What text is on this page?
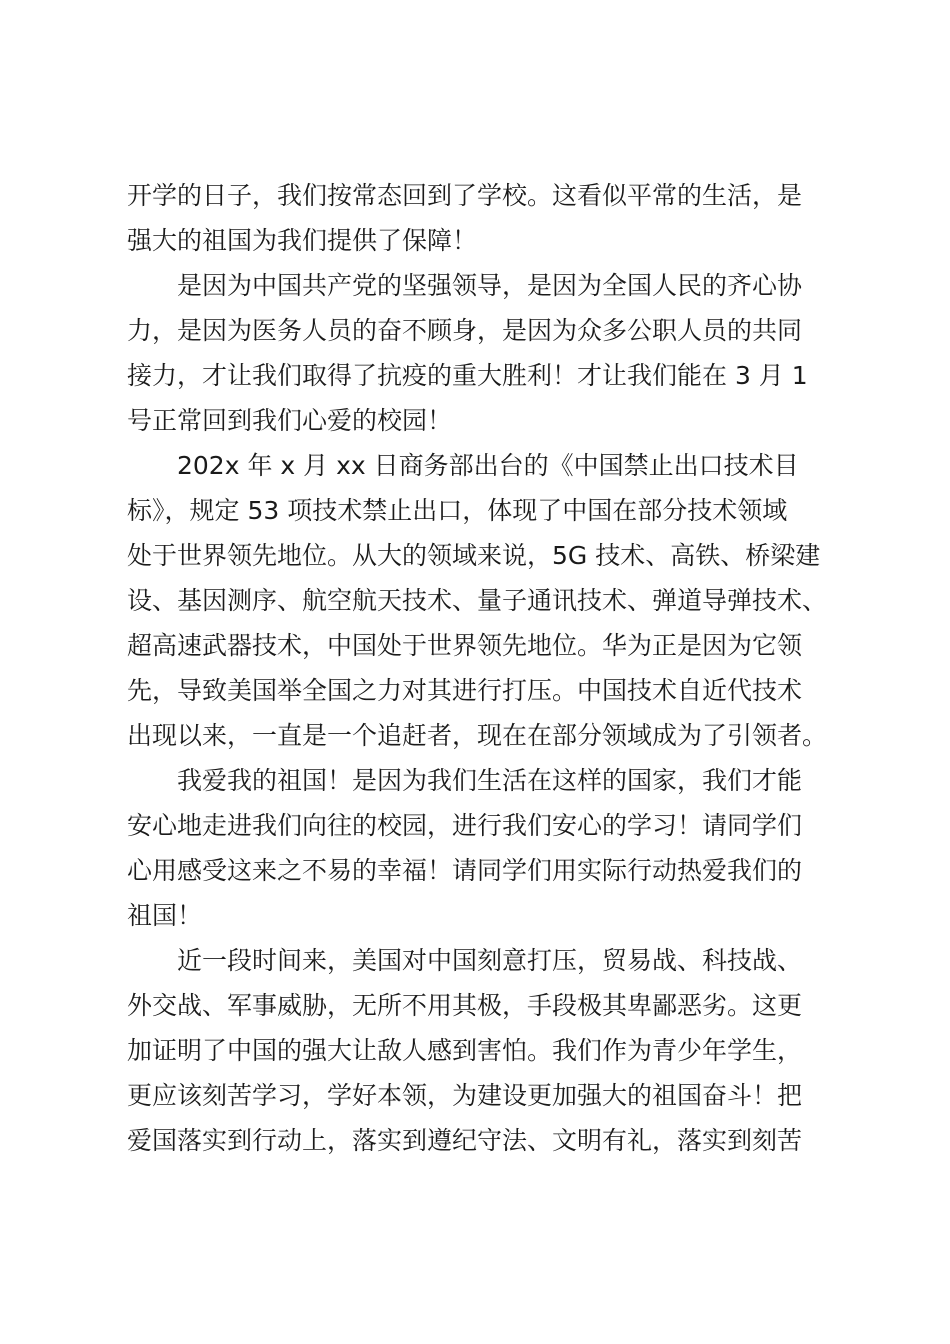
开学的日子，我们按常态回到了学校。这看似平常的生活，是
强大的祖国为我们提供了保障！
是因为中国共产党的坚强领导，是因为全国人民的齐心协
力，是因为医务人员的奋不顾身，是因为众多公职人员的共同
接力，才让我们取得了抗疫的重大胜利！才让我们能在 3 月 1
号正常回到我们心爱的校园！
202x 年 x 月 xx 日商务部出台的《中国禁止出口技术目
标》，规定 53 项技术禁止出口，体现了中国在部分技术领域
处于世界领先地位。从大的领域来说，5G 技术、高铁、桥梁建
设、基因测序、航空航天技术、量子通讯技术、弹道导弹技术、
超高速武器技术，中国处于世界领先地位。华为正是因为它领
先，导致美国举全国之力对其进行打压。中国技术自近代技术
出现以来，一直是一个追赶者，现在在部分领域成为了引领者。
我爱我的祖国！是因为我们生活在这样的国家，我们才能
安心地走进我们向往的校园，进行我们安心的学习！请同学们
心用感受这来之不易的幸福！请同学们用实际行动热爱我们的
祖国！
近一段时间来，美国对中国刻意打压，贸易战、科技战、
外交战、军事威胁，无所不用其极，手段极其卑鄙恶劣。这更
加证明了中国的强大让敌人感到害怕。我们作为青少年学生，
更应该刻苦学习，学好本领，为建设更加强大的祖国奋斗！把
爱国落实到行动上，落实到遵纪守法、文明有礼，落实到刻苦
